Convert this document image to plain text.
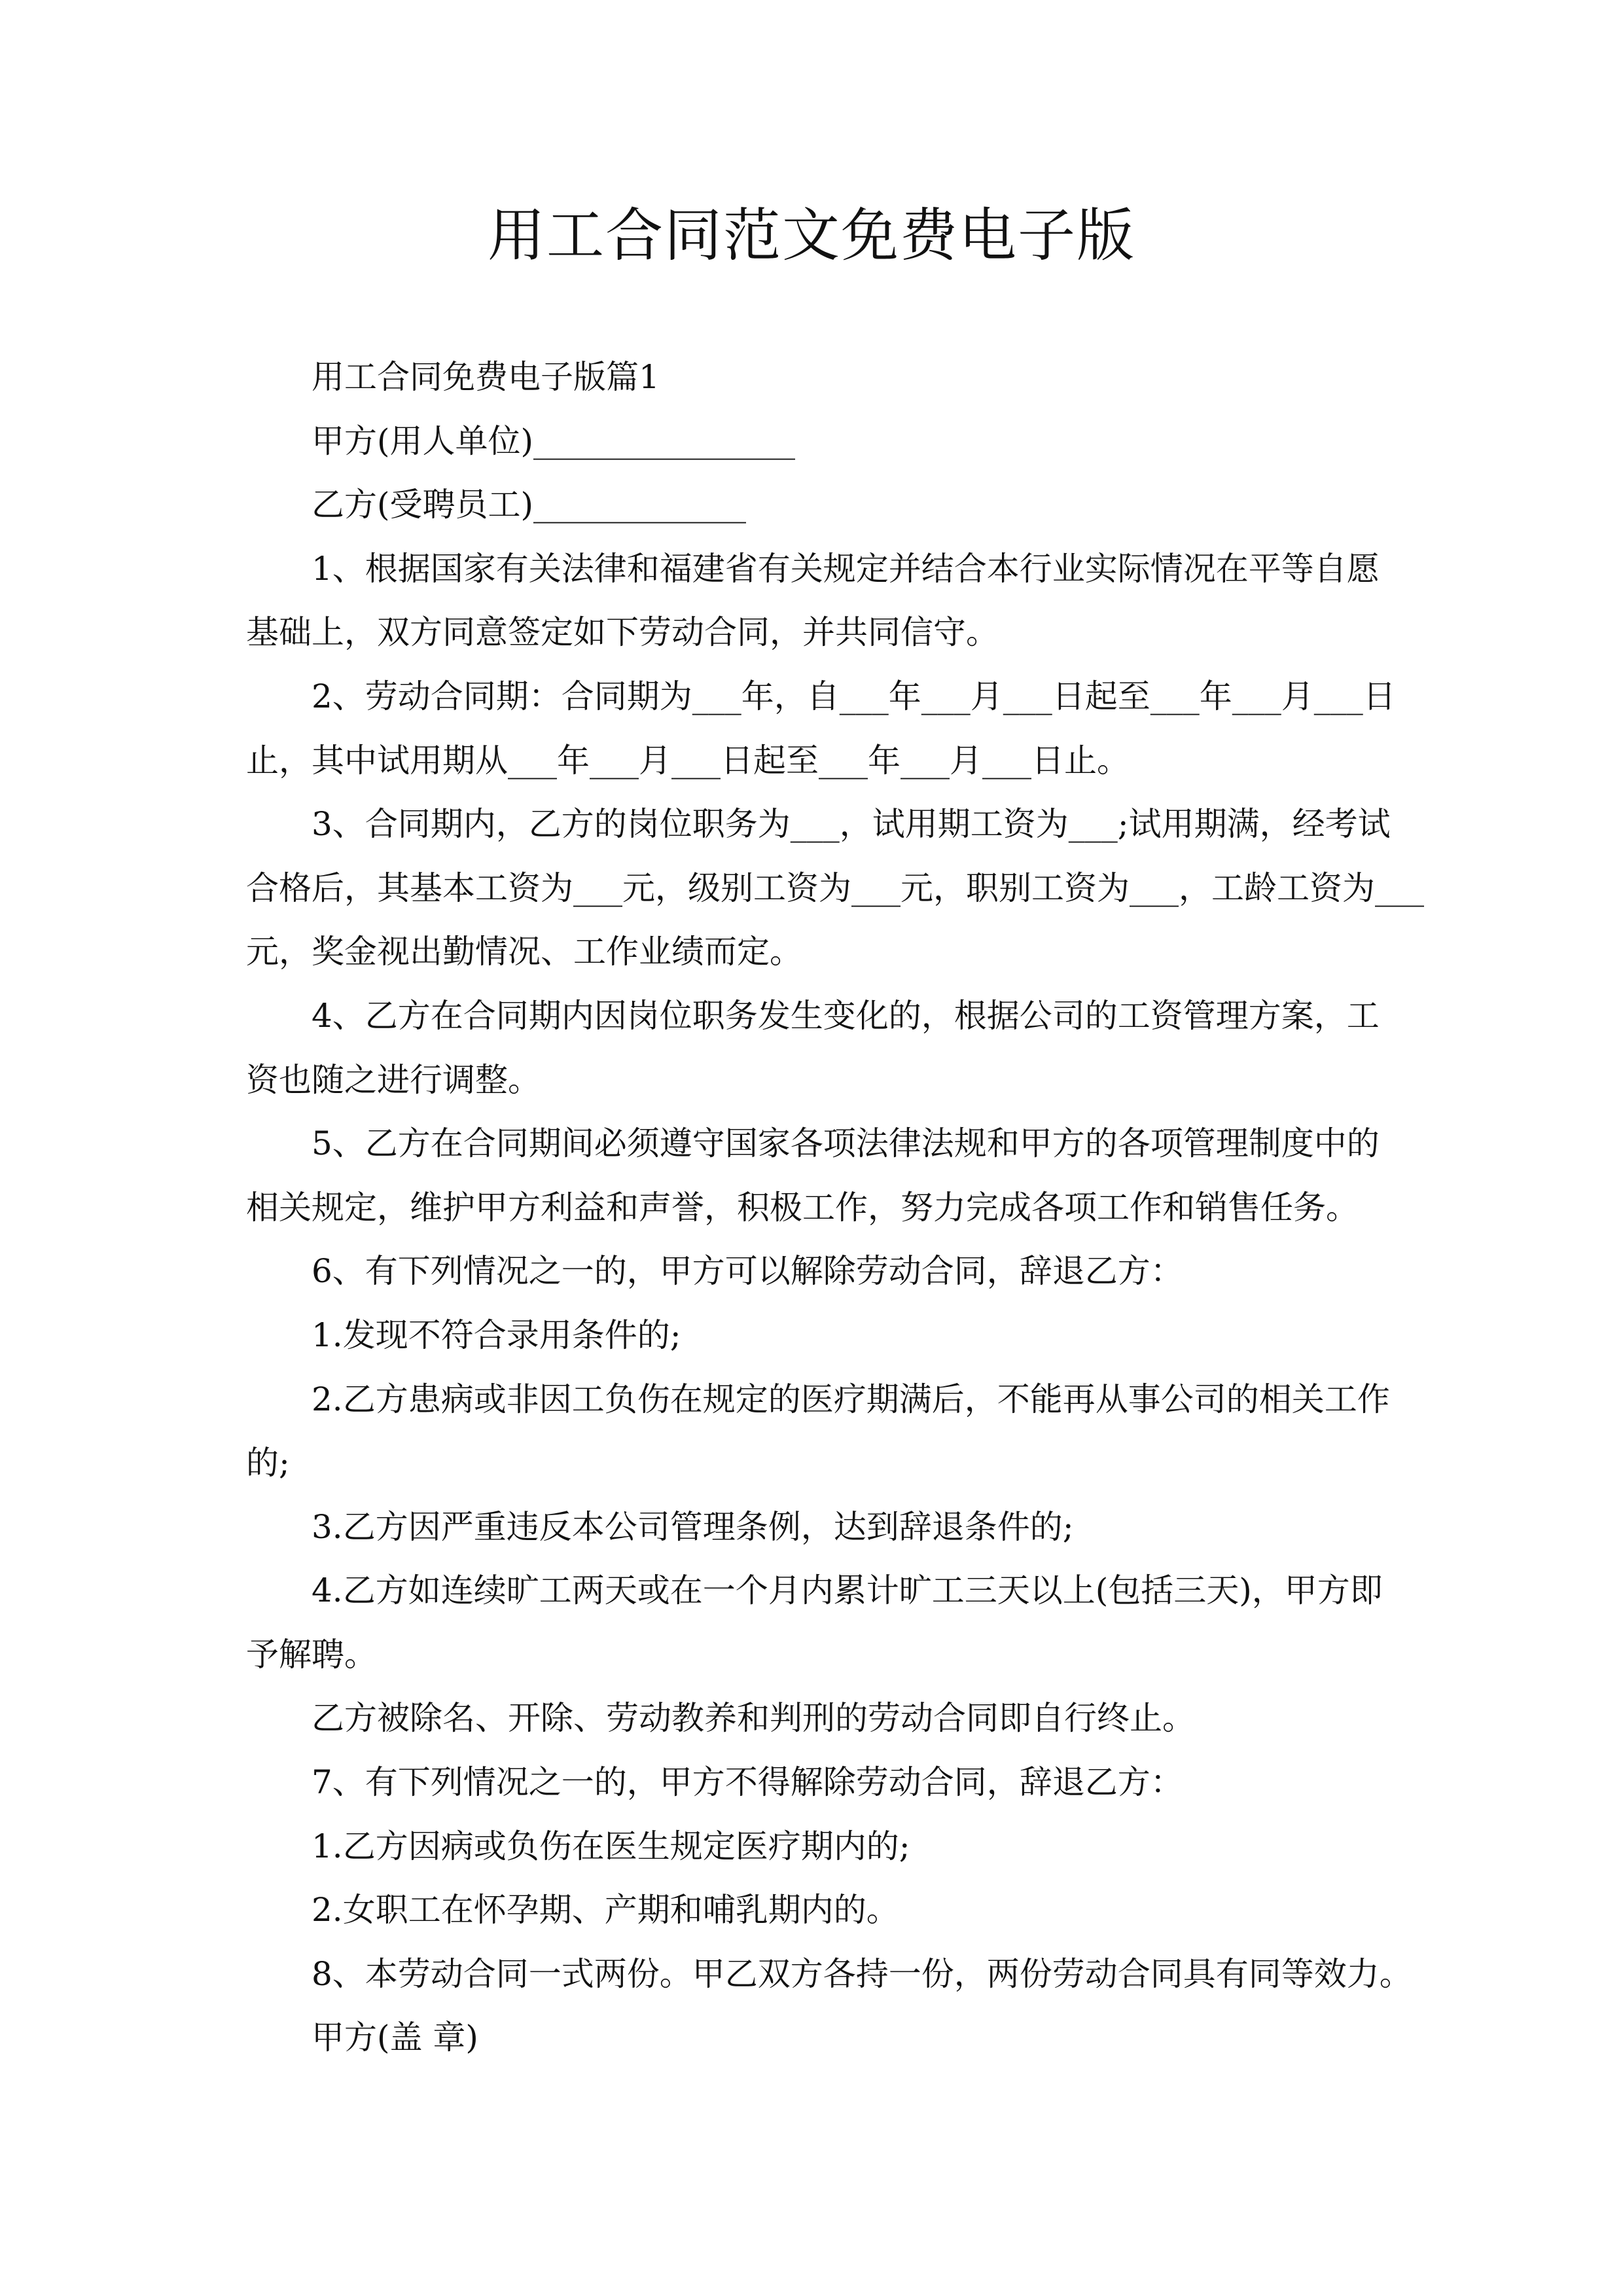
用工合同范文免费电子版
用工合同免费电子版篇1
甲方(用人单位)________________
乙方(受聘员工)_____________
1、根据国家有关法律和福建省有关规定并结合本行业实际情况在平等自愿
基础上，双方同意签定如下劳动合同，并共同信守。
2、劳动合同期：合同期为___年，自___年___月___日起至___年___月___日
止，其中试用期从___年___月___日起至___年___月___日止。
3、合同期内，乙方的岗位职务为___，试用期工资为___;试用期满，经考试
合格后，其基本工资为___元，级别工资为___元，职别工资为___，工龄工资为___
元，奖金视出勤情况、工作业绩而定。
4、乙方在合同期内因岗位职务发生变化的，根据公司的工资管理方案，工
资也随之进行调整。
5、乙方在合同期间必须遵守国家各项法律法规和甲方的各项管理制度中的
相关规定，维护甲方利益和声誉，积极工作，努力完成各项工作和销售任务。
6、有下列情况之一的，甲方可以解除劳动合同，辞退乙方：
1.发现不符合录用条件的;
2.乙方患病或非因工负伤在规定的医疗期满后，不能再从事公司的相关工作
的;
3.乙方因严重违反本公司管理条例，达到辞退条件的;
4.乙方如连续旷工两天或在一个月内累计旷工三天以上(包括三天)，甲方即
予解聘。
乙方被除名、开除、劳动教养和判刑的劳动合同即自行终止。
7、有下列情况之一的，甲方不得解除劳动合同，辞退乙方：
1.乙方因病或负伤在医生规定医疗期内的;
2.女职工在怀孕期、产期和哺乳期内的。
8、本劳动合同一式两份。甲乙双方各持一份，两份劳动合同具有同等效力。
甲方(盖 章)
